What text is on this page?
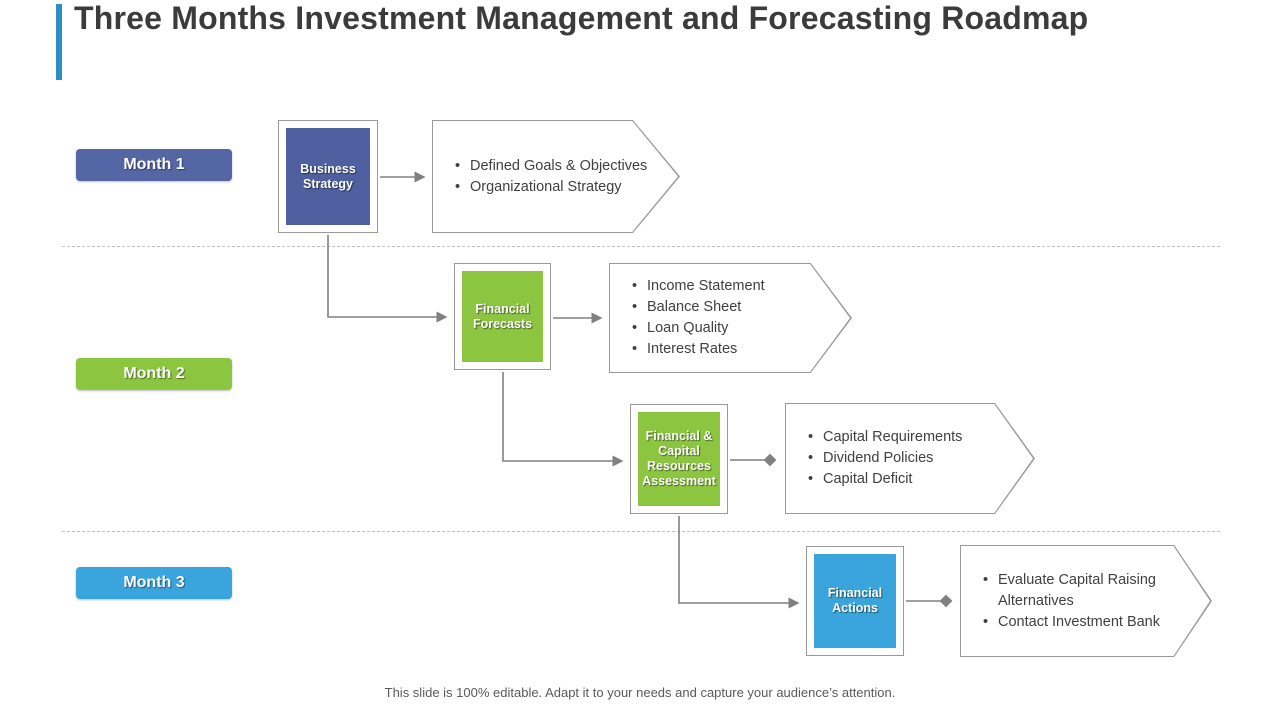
Three Months Investment Management and Forecasting Roadmap
Month 1
Month 2
Month 3
Business
Strategy
Financial
Forecasts
Financial &
Capital
Resources
Assessment
Financial
Actions
• Defined Goals & Objectives
• Organizational Strategy
• Income Statement
• Balance Sheet
• Loan Quality
• Interest Rates
• Capital Requirements
• Dividend Policies
• Capital Deficit
• Evaluate Capital Raising Alternatives
• Contact Investment Bank
This slide is 100% editable. Adapt it to your needs and capture your audience’s attention.
